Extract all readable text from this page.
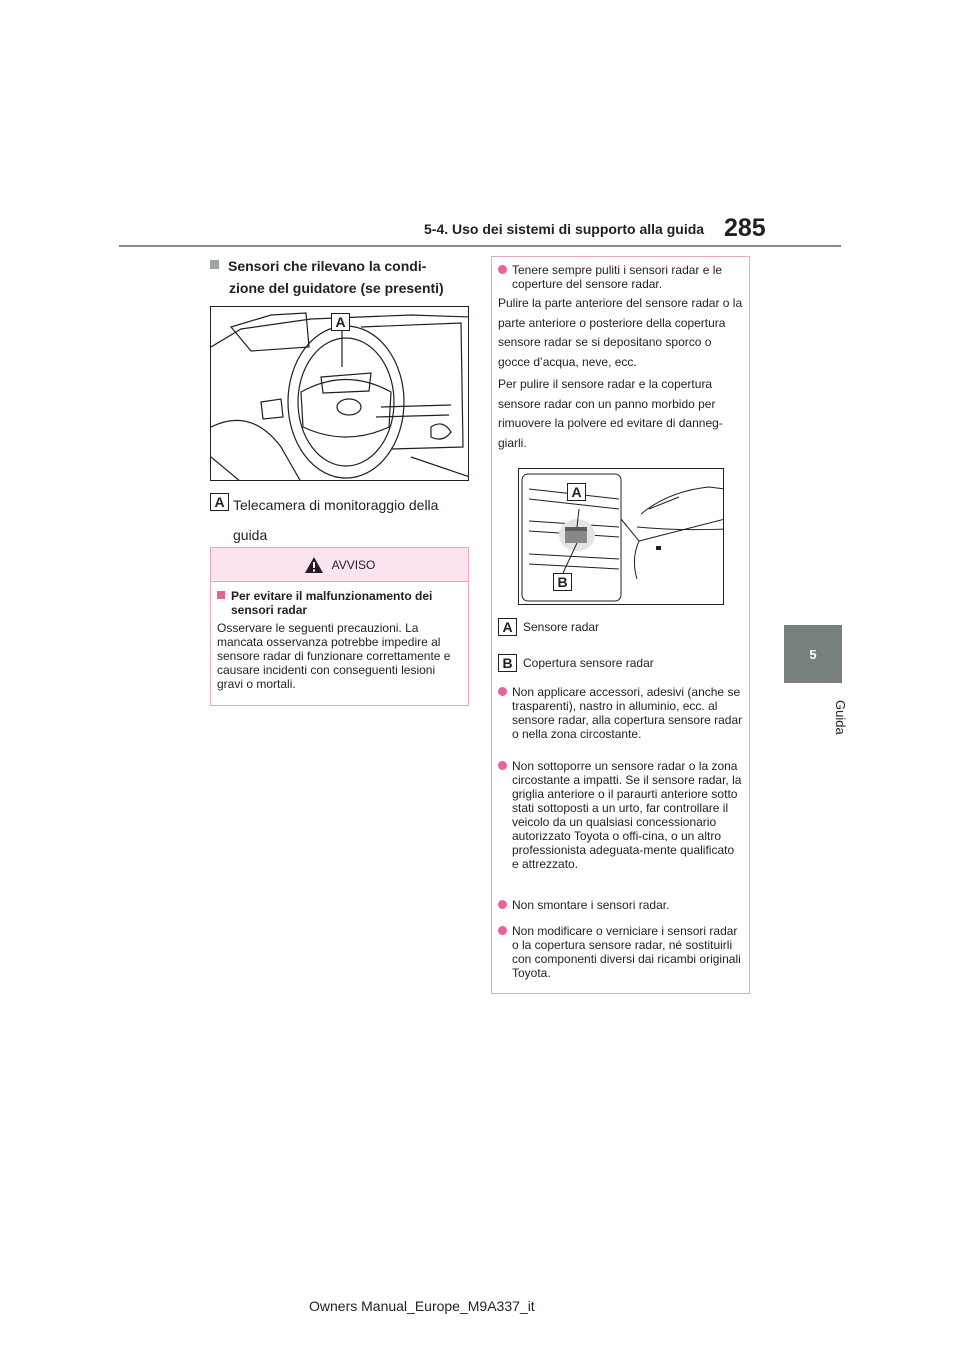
5-4. Uso dei sistemi di supporto alla guida 285
5
Guida
Sensori che rilevano la condi-
zione del guidatore (se presenti)
A
A Telecamera di monitoraggio della
guida
AVVISO
Per evitare il malfunzionamento dei
sensori radar

Osservare le seguenti precauzioni. La mancata osservanza potrebbe impedire al sensore radar di funzionare correttamente e causare incidenti con conseguenti lesioni gravi o mortali.

Tenere sempre puliti i sensori radar e le coperture del sensore radar.
Pulire la parte anteriore del sensore radar o la parte anteriore o posteriore della copertura sensore radar se si depositano sporco o gocce d’acqua, neve, ecc.
Per pulire il sensore radar e la copertura sensore radar con un panno morbido per rimuovere la polvere ed evitare di danneg-giarli.
A
B
A Sensore radar
B Copertura sensore radar
Non applicare accessori, adesivi (anche se trasparenti), nastro in alluminio, ecc. al sensore radar, alla copertura sensore radar o nella zona circostante.
Non sottoporre un sensore radar o la zona circostante a impatti. Se il sensore radar, la griglia anteriore o il paraurti anteriore sotto stati sottoposti a un urto, far controllare il veicolo da un qualsiasi concessionario autorizzato Toyota o offi-cina, o un altro professionista adeguata-mente qualificato e attrezzato.
Non smontare i sensori radar.
Non modificare o verniciare i sensori radar o la copertura sensore radar, né sostituirli con componenti diversi dai ricambi originali Toyota.
Owners Manual_Europe_M9A337_it
